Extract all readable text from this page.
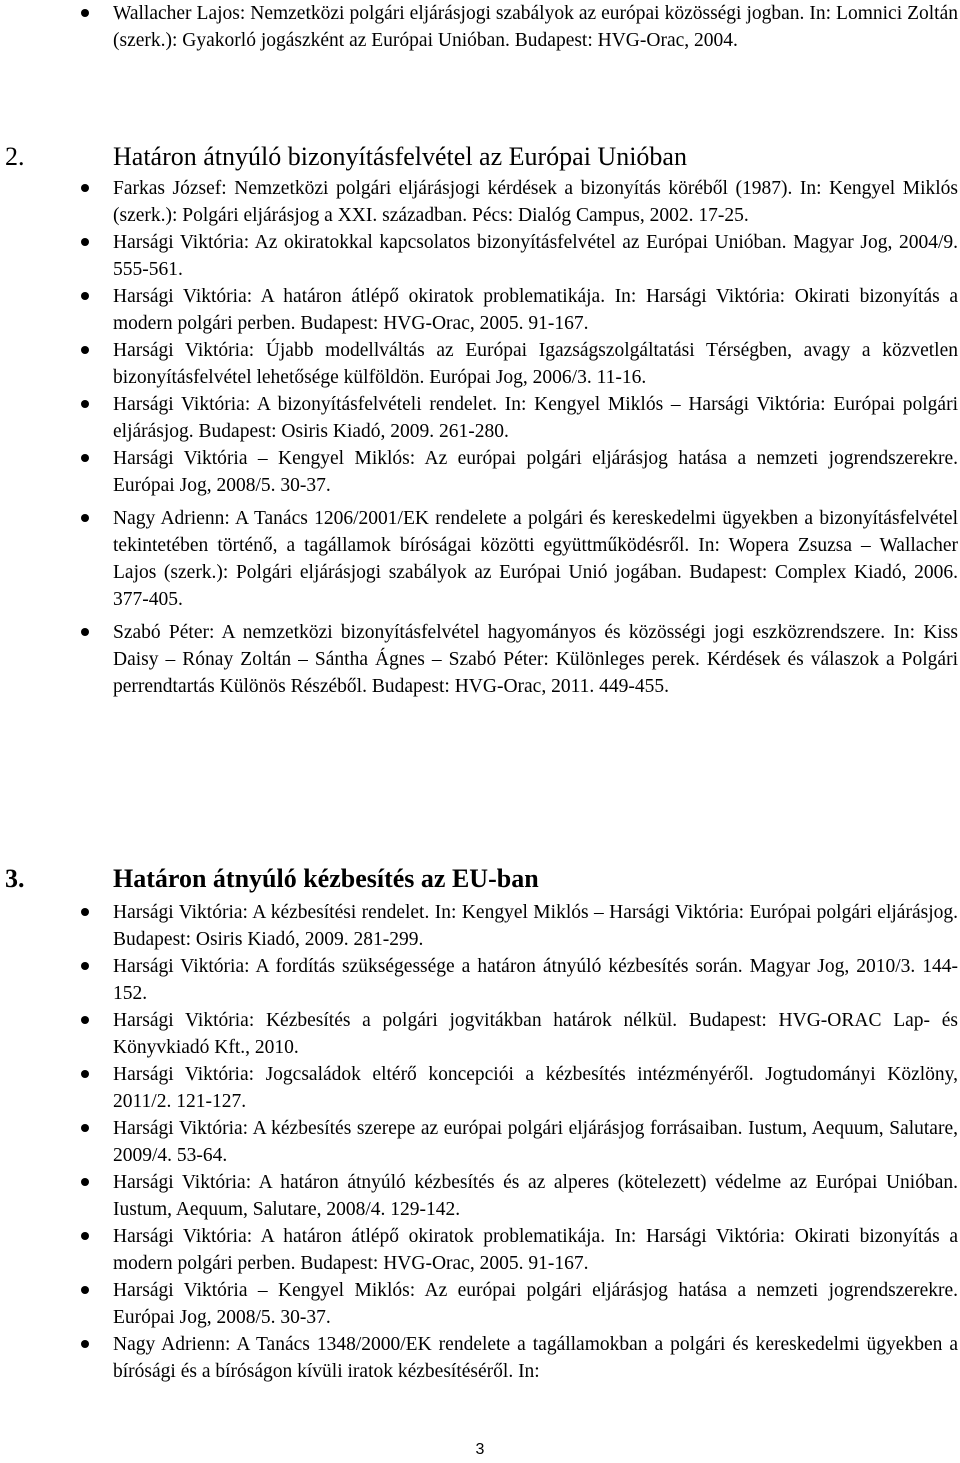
Wallacher Lajos: Nemzetközi polgári eljárásjogi szabályok az európai közösségi jogban. In: Lomnici Zoltán (szerk.): Gyakorló jogászként az Európai Unióban. Budapest: HVG-Orac, 2004.
2.	Határon átnyúló bizonyításfelvétel az Európai Unióban
Farkas József: Nemzetközi polgári eljárásjogi kérdések a bizonyítás köréből (1987). In: Kengyel Miklós (szerk.): Polgári eljárásjog a XXI. században. Pécs: Dialóg Campus, 2002. 17-25.
Harsági Viktória: Az okiratokkal kapcsolatos bizonyításfelvétel az Európai Unióban. Magyar Jog, 2004/9. 555-561.
Harsági Viktória: A határon átlépő okiratok problematikája. In: Harsági Viktória: Okirati bizonyítás a modern polgári perben. Budapest: HVG-Orac, 2005. 91-167.
Harsági Viktória: Újabb modellváltás az Európai Igazságszolgáltatási Térségben, avagy a közvetlen bizonyításfelvétel lehetősége külföldön. Európai Jog, 2006/3. 11-16.
Harsági Viktória: A bizonyításfelvételi rendelet. In: Kengyel Miklós – Harsági Viktória: Európai polgári eljárásjog. Budapest: Osiris Kiadó, 2009. 261-280.
Harsági Viktória – Kengyel Miklós: Az európai polgári eljárásjog hatása a nemzeti jogrendszerekre. Európai Jog, 2008/5. 30-37.
Nagy Adrienn: A Tanács 1206/2001/EK rendelete a polgári és kereskedelmi ügyekben a bizonyításfelvétel tekintetében történő, a tagállamok bíróságai közötti együttműködésről. In: Wopera Zsuzsa – Wallacher Lajos (szerk.): Polgári eljárásjogi szabályok az Európai Unió jogában. Budapest: Complex Kiadó, 2006. 377-405.
Szabó Péter: A nemzetközi bizonyításfelvétel hagyományos és közösségi jogi eszközrendszere. In: Kiss Daisy – Rónay Zoltán – Sántha Ágnes – Szabó Péter: Különleges perek. Kérdések és válaszok a Polgári perrendtartás Különös Részéből. Budapest: HVG-Orac, 2011. 449-455.
3.	Határon átnyúló kézbesítés az EU-ban
Harsági Viktória: A kézbesítési rendelet. In: Kengyel Miklós – Harsági Viktória: Európai polgári eljárásjog. Budapest: Osiris Kiadó, 2009. 281-299.
Harsági Viktória: A fordítás szükségessége a határon átnyúló kézbesítés során. Magyar Jog, 2010/3. 144-152.
Harsági Viktória: Kézbesítés a polgári jogvitákban határok nélkül. Budapest: HVG-ORAC Lap- és Könyvkiadó Kft., 2010.
Harsági Viktória: Jogcsaládok eltérő koncepciói a kézbesítés intézményéről. Jogtudományi Közlöny, 2011/2. 121-127.
Harsági Viktória: A kézbesítés szerepe az európai polgári eljárásjog forrásaiban. Iustum, Aequum, Salutare, 2009/4. 53-64.
Harsági Viktória: A határon átnyúló kézbesítés és az alperes (kötelezett) védelme az Európai Unióban. Iustum, Aequum, Salutare, 2008/4. 129-142.
Harsági Viktória: A határon átlépő okiratok problematikája. In: Harsági Viktória: Okirati bizonyítás a modern polgári perben. Budapest: HVG-Orac, 2005. 91-167.
Harsági Viktória – Kengyel Miklós: Az európai polgári eljárásjog hatása a nemzeti jogrendszerekre. Európai Jog, 2008/5. 30-37.
Nagy Adrienn: A Tanács 1348/2000/EK rendelete a tagállamokban a polgári és kereskedelmi ügyekben a bírósági és a bíróságon kívüli iratok kézbesítéséről. In:
3
